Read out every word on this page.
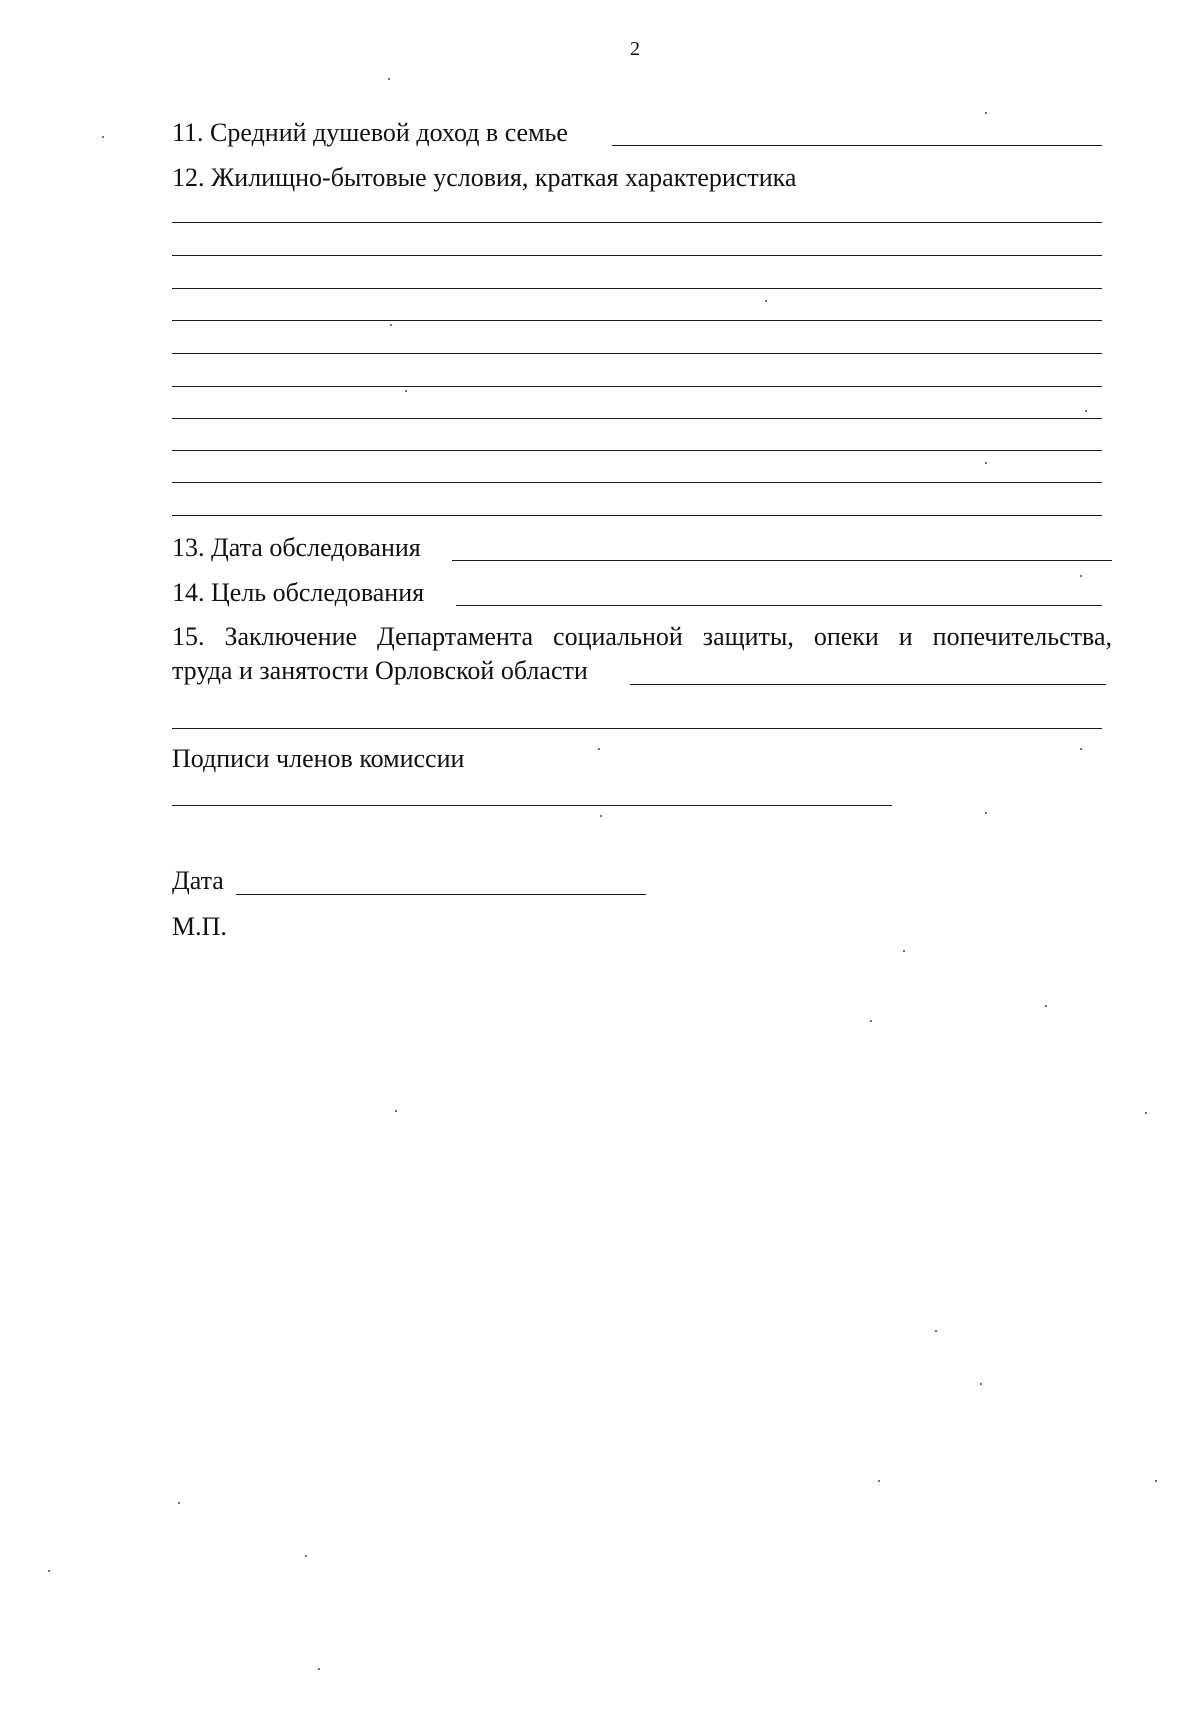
2
11. Средний душевой доход в семье
12. Жилищно-бытовые условия, краткая характеристика
13. Дата обследования
14. Цель обследования
15. Заключение Департамента социальной защиты, опеки и попечительства,
труда и занятости Орловской области
Подписи членов комиссии
Дата
М.П.
